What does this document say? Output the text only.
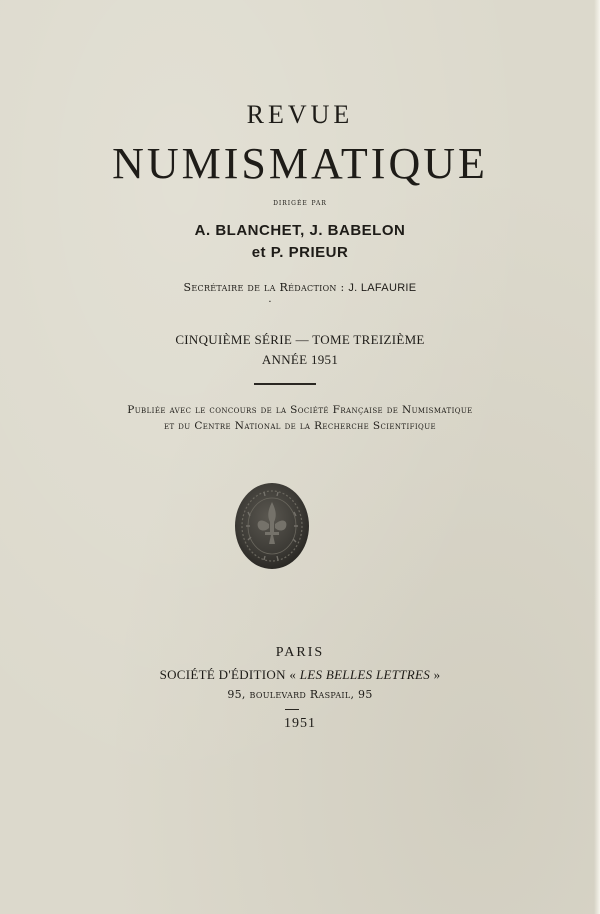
REVUE
NUMISMATIQUE
dirigée par
A. BLANCHET, J. BABELON
et P. PRIEUR
Secrétaire de la Rédaction : J. LAFAURIE
·
CINQUIÈME SÉRIE — TOME TREIZIÈME
ANNÉE 1951
Publiée avec le concours de la Société Française de Numismatique
et du Centre National de la Recherche Scientifique
PARIS
SOCIÉTÉ D'ÉDITION « LES BELLES LETTRES »
95, boulevard Raspail, 95
1951
